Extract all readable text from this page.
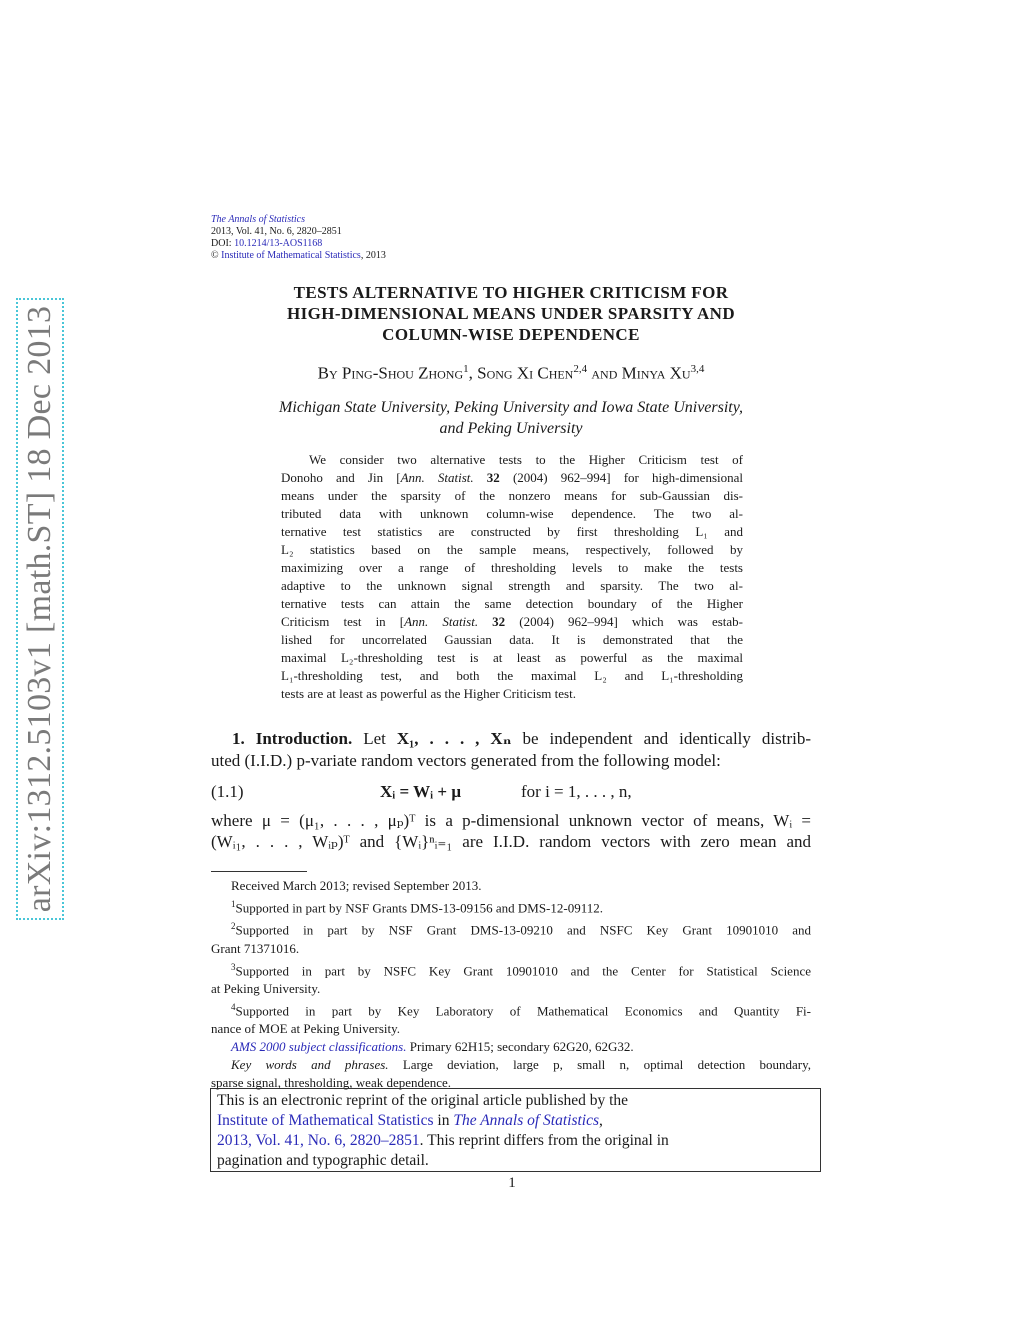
arXiv:1312.5103v1 [math.ST] 18 Dec 2013
The Annals of Statistics
2013, Vol. 41, No. 6, 2820–2851
DOI: 10.1214/13-AOS1168
© Institute of Mathematical Statistics, 2013
TESTS ALTERNATIVE TO HIGHER CRITICISM FOR
HIGH-DIMENSIONAL MEANS UNDER SPARSITY AND
COLUMN-WISE DEPENDENCE
By Ping-Shou Zhong$^1$, Song Xi Chen$^{2,4}$ and Minya Xu$^{3,4}$
Michigan State University, Peking University and Iowa State University,
and Peking University
We consider two alternative tests to the Higher Criticism test of
Donoho and Jin [Ann. Statist. 32 (2004) 962–994] for high-dimensional
means under the sparsity of the nonzero means for sub-Gaussian dis-
tributed data with unknown column-wise dependence. The two al-
ternative test statistics are constructed by first thresholding L₁ and
L₂ statistics based on the sample means, respectively, followed by
maximizing over a range of thresholding levels to make the tests
adaptive to the unknown signal strength and sparsity. The two al-
ternative tests can attain the same detection boundary of the Higher
Criticism test in [Ann. Statist. 32 (2004) 962–994] which was estab-
lished for uncorrelated Gaussian data. It is demonstrated that the
maximal L₂-thresholding test is at least as powerful as the maximal
L₁-thresholding test, and both the maximal L₂ and L₁-thresholding
tests are at least as powerful as the Higher Criticism test.
1. Introduction. Let X₁, . . . , Xₙ be independent and identically distrib-
uted (I.I.D.) p-variate random vectors generated from the following model:
(1.1)	Xᵢ = Wᵢ + μ	for i = 1, . . . , n,
where μ = (μ₁, . . . , μₚ)ᵀ is a p-dimensional unknown vector of means, Wᵢ =
(Wᵢ₁, . . . , Wᵢₚ)ᵀ and {Wᵢ}ⁿᵢ₌₁ are I.I.D. random vectors with zero mean and
Received March 2013; revised September 2013.
$^1$Supported in part by NSF Grants DMS-13-09156 and DMS-12-09112.
$^2$Supported in part by NSF Grant DMS-13-09210 and NSFC Key Grant 10901010 and
Grant 71371016.
$^3$Supported in part by NSFC Key Grant 10901010 and the Center for Statistical Science
at Peking University.
$^4$Supported in part by Key Laboratory of Mathematical Economics and Quantity Fi-
nance of MOE at Peking University.
AMS 2000 subject classifications. Primary 62H15; secondary 62G20, 62G32.
Key words and phrases. Large deviation, large p, small n, optimal detection boundary,
sparse signal, thresholding, weak dependence.
This is an electronic reprint of the original article published by the
Institute of Mathematical Statistics in The Annals of Statistics,
2013, Vol. 41, No. 6, 2820–2851. This reprint differs from the original in
pagination and typographic detail.
1
